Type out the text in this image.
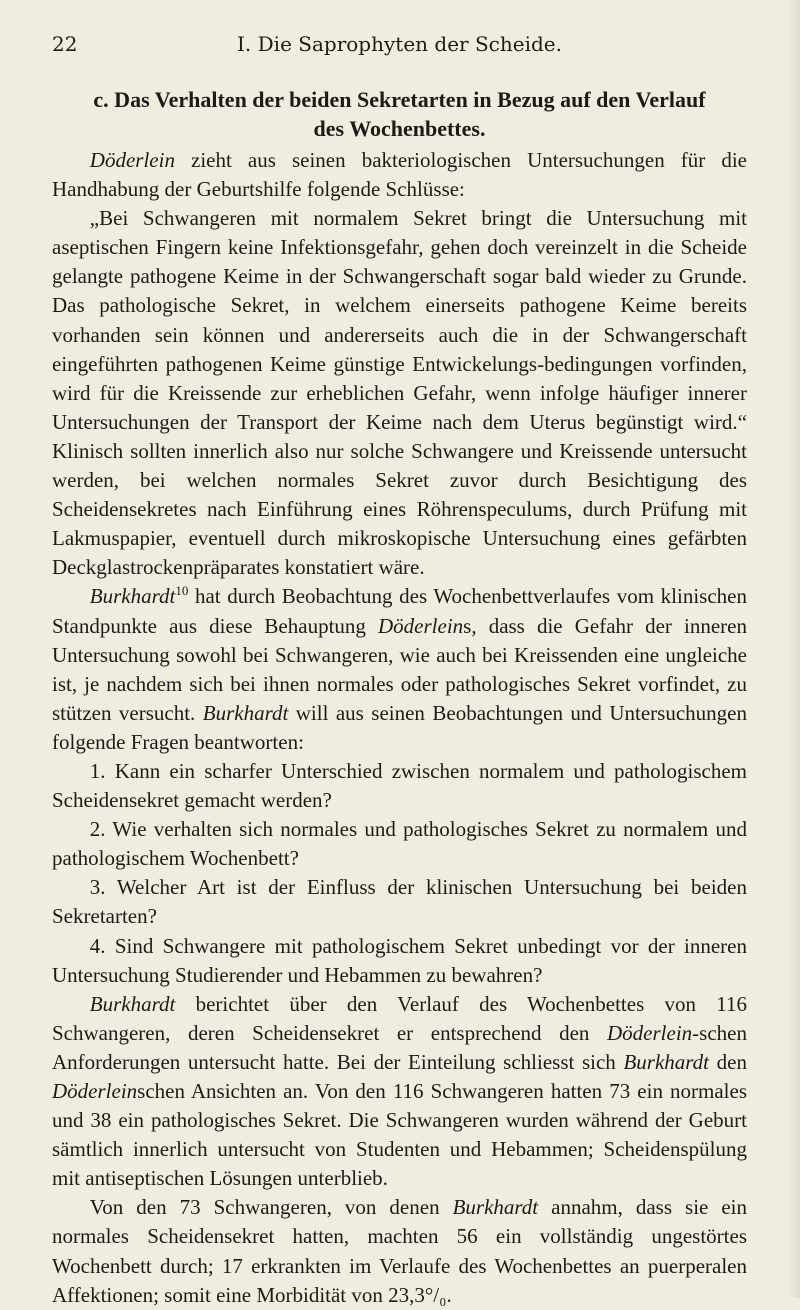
22	I. Die Saprophyten der Scheide.
c. Das Verhalten der beiden Sekretarten in Bezug auf den Verlauf des Wochenbettes.

Döderlein zieht aus seinen bakteriologischen Untersuchungen für die Handhabung der Geburtshilfe folgende Schlüsse:

„Bei Schwangeren mit normalem Sekret bringt die Untersuchung mit aseptischen Fingern keine Infektionsgefahr, gehen doch vereinzelt in die Scheide gelangte pathogene Keime in der Schwangerschaft sogar bald wieder zu Grunde. Das pathologische Sekret, in welchem einerseits pathogene Keime bereits vorhanden sein können und andererseits auch die in der Schwangerschaft eingeführten pathogenen Keime günstige Entwickelungs-bedingungen vorfinden, wird für die Kreissende zur erheblichen Gefahr, wenn infolge häufiger innerer Untersuchungen der Transport der Keime nach dem Uterus begünstigt wird.“ Klinisch sollten innerlich also nur solche Schwangere und Kreissende untersucht werden, bei welchen normales Sekret zuvor durch Besichtigung des Scheidensekretes nach Einführung eines Röhrenspeculums, durch Prüfung mit Lakmuspapier, eventuell durch mikroskopische Untersuchung eines gefärbten Deckglastrockenpräparates konstatiert wäre.

Burkhardt$^{10}$ hat durch Beobachtung des Wochenbettverlaufes vom klinischen Standpunkte aus diese Behauptung Döderleins, dass die Gefahr der inneren Untersuchung sowohl bei Schwangeren, wie auch bei Kreissenden eine ungleiche ist, je nachdem sich bei ihnen normales oder pathologisches Sekret vorfindet, zu stützen versucht. Burkhardt will aus seinen Beobachtungen und Untersuchungen folgende Fragen beantworten:

1. Kann ein scharfer Unterschied zwischen normalem und pathologischem Scheidensekret gemacht werden?

2. Wie verhalten sich normales und pathologisches Sekret zu normalem und pathologischem Wochenbett?

3. Welcher Art ist der Einfluss der klinischen Untersuchung bei beiden Sekretarten?

4. Sind Schwangere mit pathologischem Sekret unbedingt vor der inneren Untersuchung Studierender und Hebammen zu bewahren?

Burkhardt berichtet über den Verlauf des Wochenbettes von 116 Schwangeren, deren Scheidensekret er entsprechend den Döderlein-schen Anforderungen untersucht hatte. Bei der Einteilung schliesst sich Burkhardt den Döderleinschen Ansichten an. Von den 116 Schwangeren hatten 73 ein normales und 38 ein pathologisches Sekret. Die Schwangeren wurden während der Geburt sämtlich innerlich untersucht von Studenten und Hebammen; Scheidenspülung mit antiseptischen Lösungen unterblieb.

Von den 73 Schwangeren, von denen Burkhardt annahm, dass sie ein normales Scheidensekret hatten, machten 56 ein vollständig ungestörtes Wochenbett durch; 17 erkrankten im Verlaufe des Wochenbettes an puerperalen Affektionen; somit eine Morbidität von 23,3°/₀.
